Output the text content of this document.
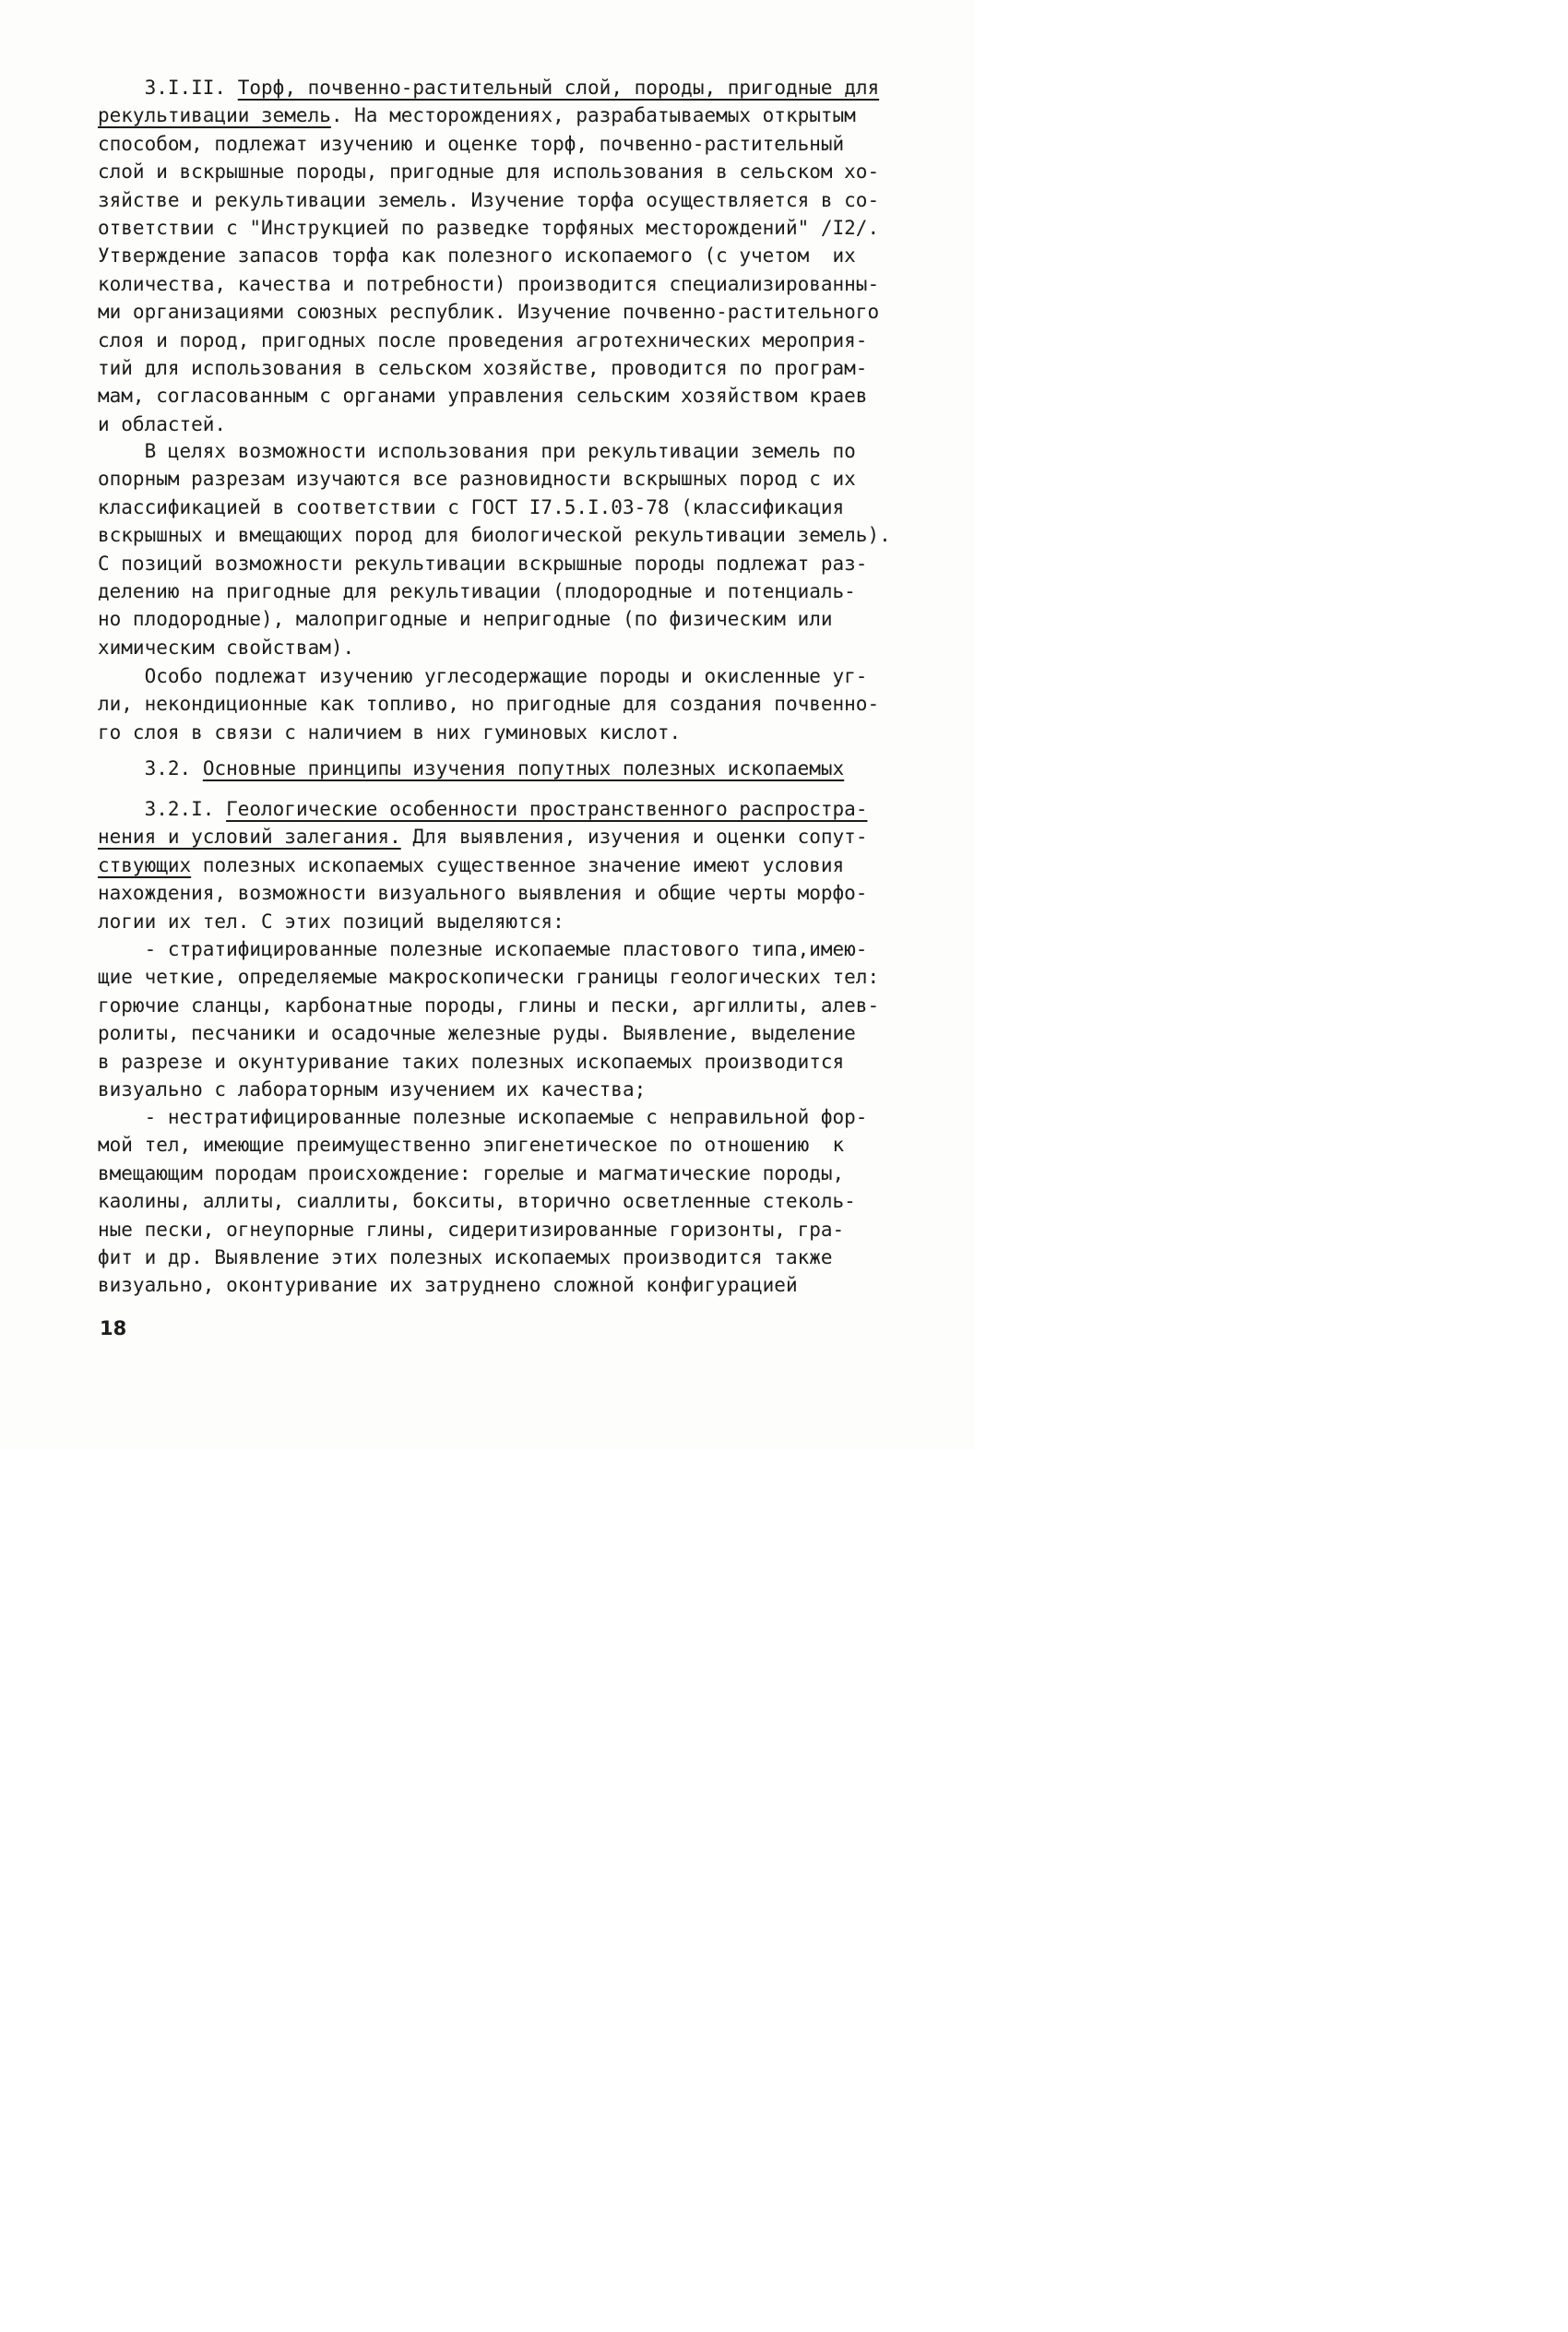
3.I.II. Торф, почвенно-растительный слой, породы, пригодные для
рекультивации земель. На месторождениях, разрабатываемых открытым
способом, подлежат изучению и оценке торф, почвенно-растительный
слой и вскрышные породы, пригодные для использования в сельском хо-
зяйстве и рекультивации земель. Изучение торфа осуществляется в со-
ответствии с "Инструкцией по разведке торфяных месторождений" /I2/.
Утверждение запасов торфа как полезного ископаемого (с учетом  их
количества, качества и потребности) производится специализированны-
ми организациями союзных республик. Изучение почвенно-растительного
слоя и пород, пригодных после проведения агротехнических мероприя-
тий для использования в сельском хозяйстве, проводится по програм-
мам, согласованным с органами управления сельским хозяйством краев
и областей.
В целях возможности использования при рекультивации земель по
опорным разрезам изучаются все разновидности вскрышных пород с их
классификацией в соответствии с ГОСТ I7.5.I.03-78 (классификация
вскрышных и вмещающих пород для биологической рекультивации земель).
С позиций возможности рекультивации вскрышные породы подлежат раз-
делению на пригодные для рекультивации (плодородные и потенциаль-
но плодородные), малопригодные и непригодные (по физическим или
химическим свойствам).
Особо подлежат изучению углесодержащие породы и окисленные уг-
ли, некондиционные как топливо, но пригодные для создания почвенно-
го слоя в связи с наличием в них гуминовых кислот.
3.2. Основные принципы изучения попутных полезных ископаемых
3.2.I. Геологические особенности пространственного распростра-
нения и условий залегания. Для выявления, изучения и оценки сопут-
ствующих полезных ископаемых существенное значение имеют условия
нахождения, возможности визуального выявления и общие черты морфо-
логии их тел. С этих позиций выделяются:
- стратифицированные полезные ископаемые пластового типа,имею-
щие четкие, определяемые макроскопически границы геологических тел:
горючие сланцы, карбонатные породы, глины и пески, аргиллиты, алев-
ролиты, песчаники и осадочные железные руды. Выявление, выделение
в разрезе и окунтуривание таких полезных ископаемых производится
визуально с лабораторным изучением их качества;
- нестратифицированные полезные ископаемые с неправильной фор-
мой тел, имеющие преимущественно эпигенетическое по отношению  к
вмещающим породам происхождение: горелые и магматические породы,
каолины, аллиты, сиаллиты, бокситы, вторично осветленные стеколь-
ные пески, огнеупорные глины, сидеритизированные горизонты, гра-
фит и др. Выявление этих полезных ископаемых производится также
визуально, оконтуривание их затруднено сложной конфигурацией
18
